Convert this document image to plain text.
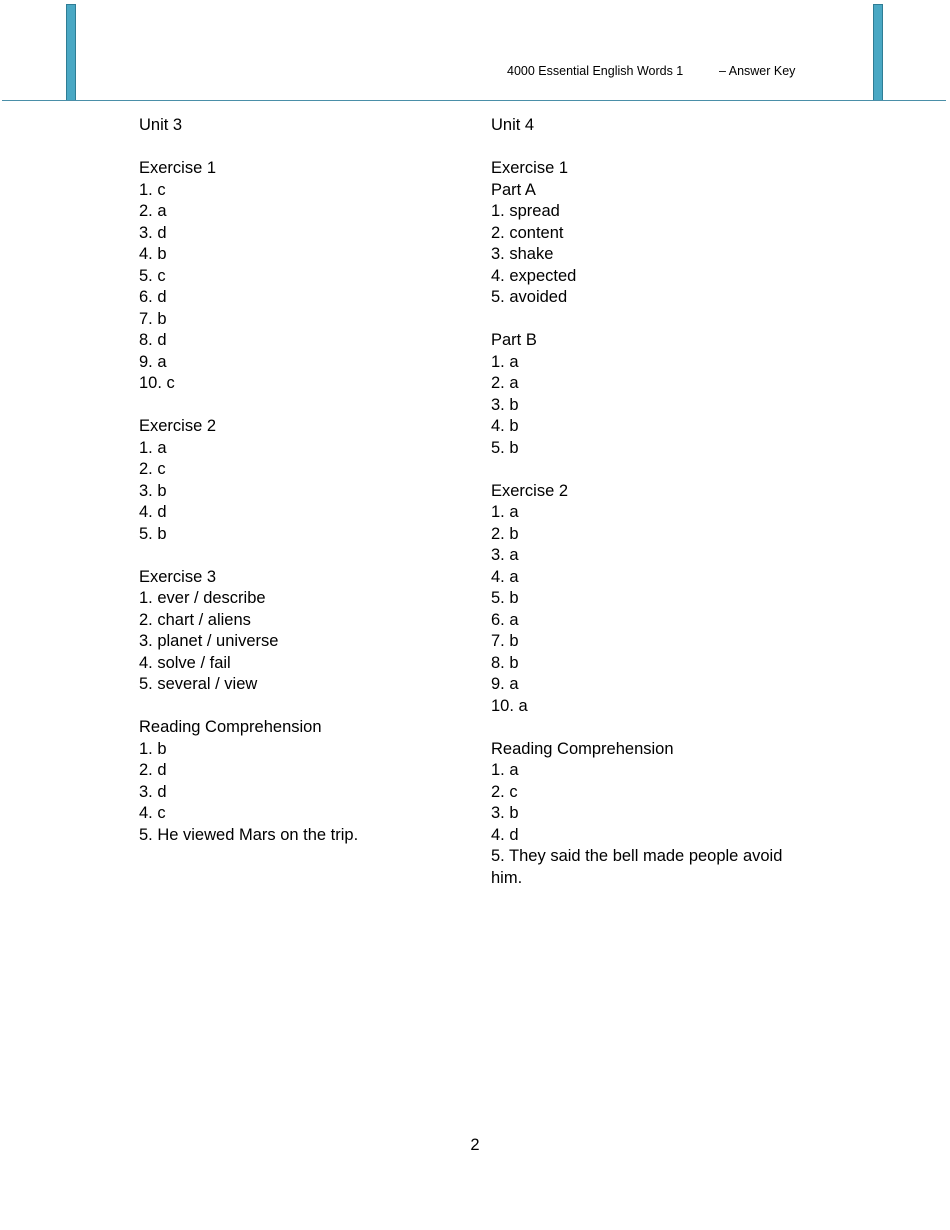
4000 Essential English Words 1	– Answer Key
Unit 3
Exercise 1
1. c
2. a
3. d
4. b
5. c
6. d
7. b
8. d
9. a
10. c
Exercise 2
1. a
2. c
3. b
4. d
5. b
Exercise 3
1. ever / describe
2. chart / aliens
3. planet / universe
4. solve / fail
5. several / view
Reading Comprehension
1. b
2. d
3. d
4. c
5. He viewed Mars on the trip.
Unit 4
Exercise 1
Part A
1. spread
2. content
3. shake
4. expected
5. avoided
Part B
1. a
2. a
3. b
4. b
5. b
Exercise 2
1. a
2. b
3. a
4. a
5. b
6. a
7. b
8. b
9. a
10. a
Reading Comprehension
1. a
2. c
3. b
4. d
5. They said the bell made people avoid
him.
2
